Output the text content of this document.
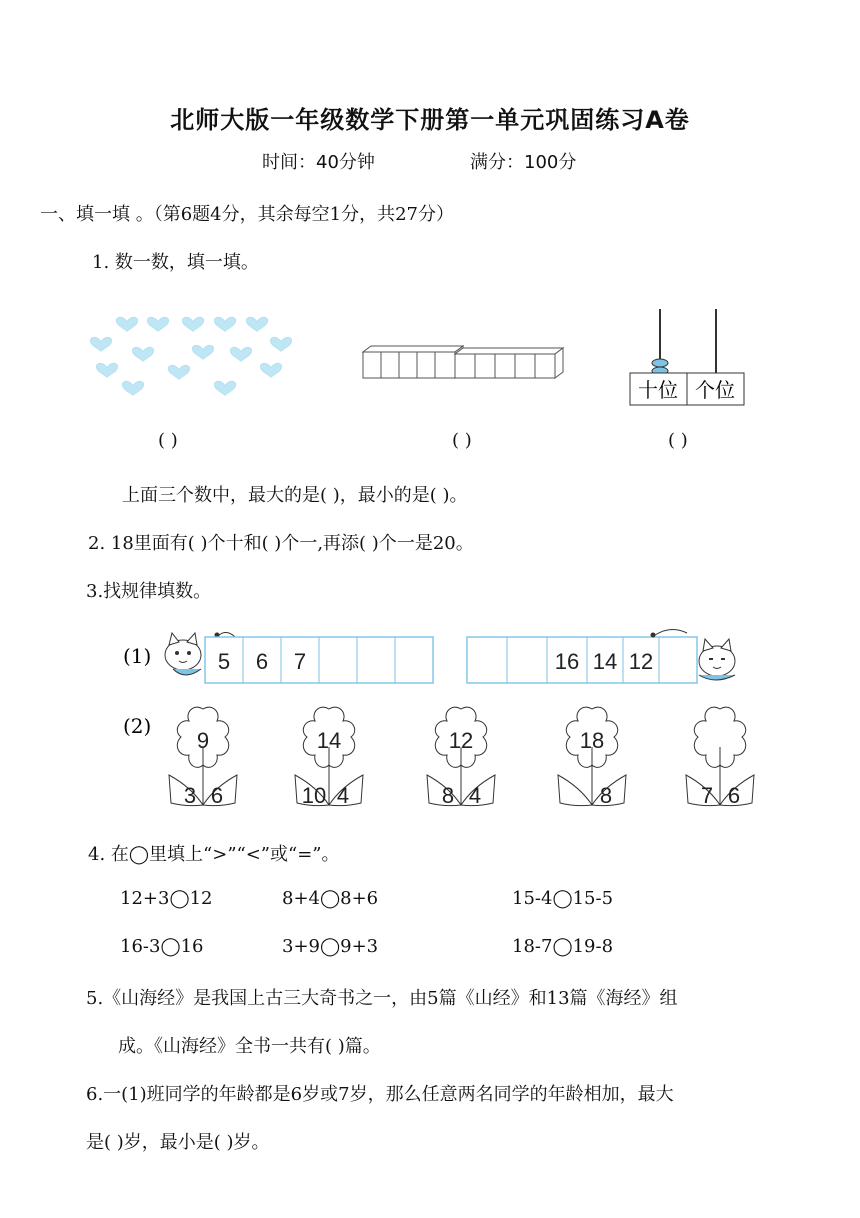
北师大版一年级数学下册第一单元巩固练习A卷
时间：40分钟	满分：100分
一、填一填 。（第6题4分，其余每空1分，共27分）
1. 数一数，填一填。
十位 个位
( )	( )	( )
上面三个数中，最大的是( )，最小的是( )。
2. 18里面有( )个十和( )个一,再添( )个一是20。
3.找规律填数。
(1)	5 6 7	16 14 12
(2)
9
3 6
14
10 4
12
8 4
18
8	7 6
4. 在◯里填上“>”“<”或“=”。
12+3◯12	8+4◯8+6	15-4◯15-5
16-3◯16	3+9◯9+3	18-7◯19-8
5.《山海经》是我国上古三大奇书之一，由5篇《山经》和13篇《海经》组
成。《山海经》全书一共有( )篇。
6.一(1)班同学的年龄都是6岁或7岁，那么任意两名同学的年龄相加，最大
是( )岁，最小是( )岁。
